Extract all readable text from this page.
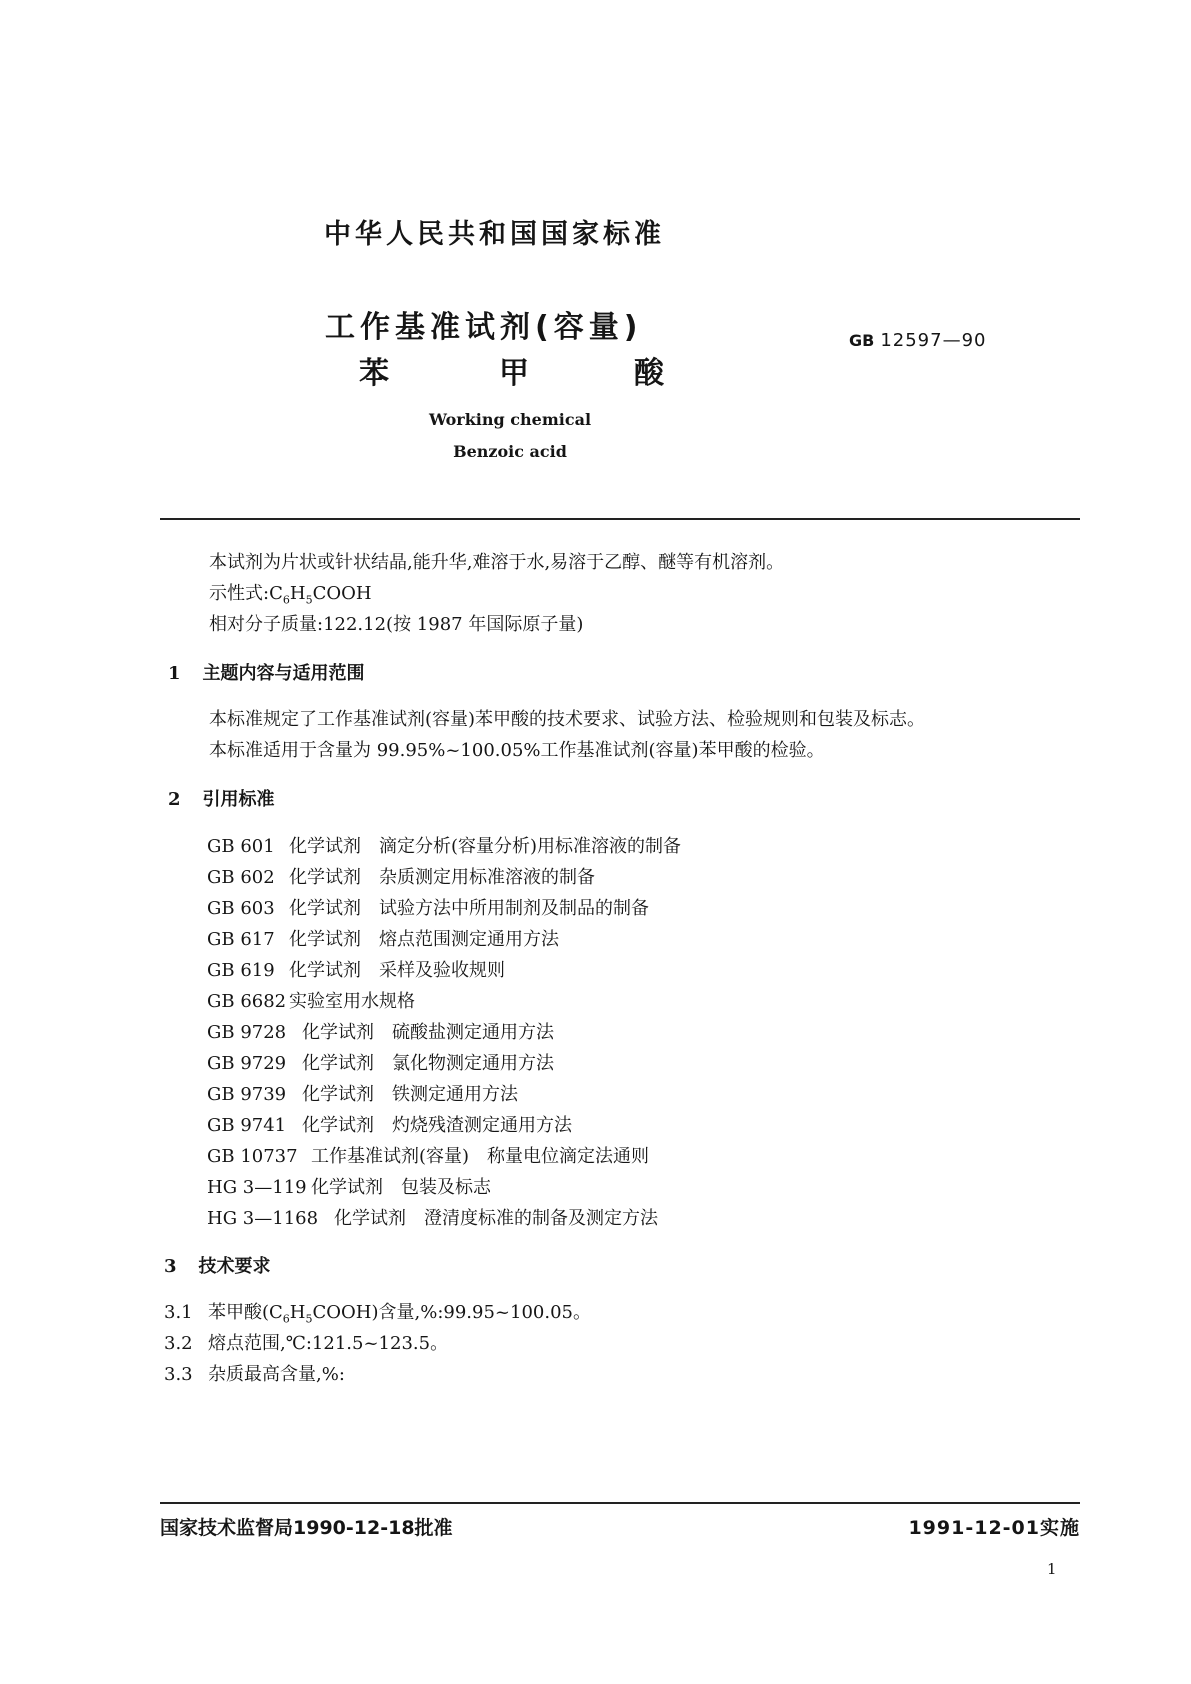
中华人民共和国国家标准
工作基准试剂(容量)
苯	甲	酸
GB 12597—90
Working chemical
Benzoic acid
本试剂为片状或针状结晶,能升华,难溶于水,易溶于乙醇、醚等有机溶剂。
示性式$:C_6H_5COOH$
相对分子质量:122.12(按 1987 年国际原子量)
1 主题内容与适用范围
本标准规定了工作基准试剂(容量)苯甲酸的技术要求、试验方法、检验规则和包装及标志。
本标准适用于含量为 99.95%~100.05%工作基准试剂(容量)苯甲酸的检验。
2 引用标准
GB 601 化学试剂　滴定分析(容量分析)用标准溶液的制备
GB 602 化学试剂　杂质测定用标准溶液的制备
GB 603 化学试剂　试验方法中所用制剂及制品的制备
GB 617 化学试剂　熔点范围测定通用方法
GB 619 化学试剂　采样及验收规则
GB 6682 实验室用水规格
GB 9728 化学试剂　硫酸盐测定通用方法
GB 9729 化学试剂　氯化物测定通用方法
GB 9739 化学试剂　铁测定通用方法
GB 9741 化学试剂　灼烧残渣测定通用方法
GB 10737 工作基准试剂(容量)　称量电位滴定法通则
HG 3—119 化学试剂　包装及标志
HG 3—1168 化学试剂　澄清度标准的制备及测定方法
3 技术要求
3.1 苯甲酸$(C_6H_5COOH)$含量,%:99.95~100.05。
3.2 熔点范围,℃:121.5~123.5。
3.3 杂质最高含量,%:
国家技术监督局1990-12-18批准	1991-12-01实施
1
